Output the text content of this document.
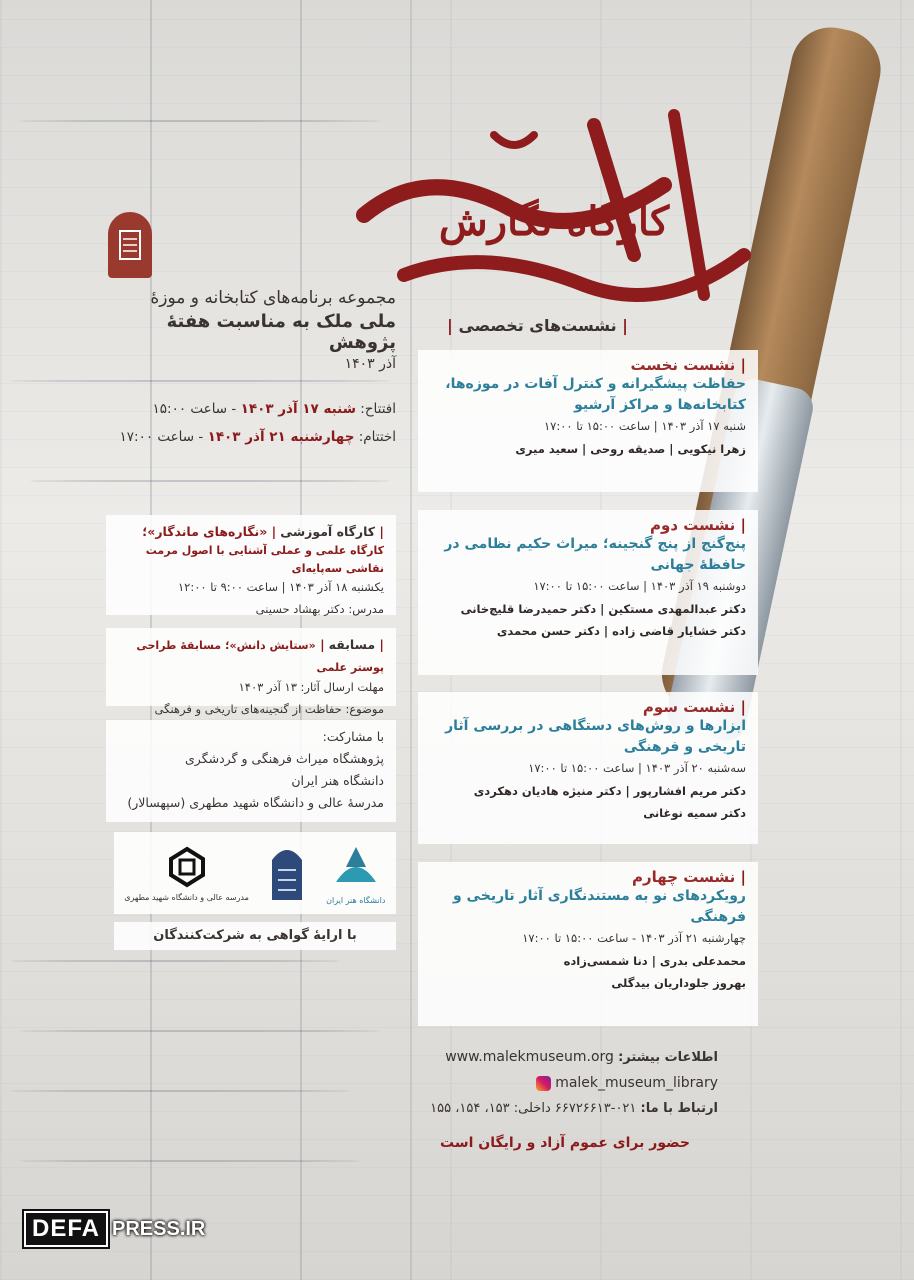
کارگاه نگارش
مجموعه برنامه‌های کتابخانه و موزهٔ
ملی ملک به مناسبت هفتهٔ پژوهش
آذر ۱۴۰۳
افتتاح: شنبه ۱۷ آذر ۱۴۰۳ - ساعت ۱۵:۰۰
اختتام: چهارشنبه ۲۱ آذر ۱۴۰۳ - ساعت ۱۷:۰۰
| کارگاه آموزشی | «نگاره‌های ماندگار»؛
کارگاه علمی و عملی آشنایی با اصول مرمت نقاشی سه‌پایه‌ای
یکشنبه ۱۸ آذر ۱۴۰۳ | ساعت ۹:۰۰ تا ۱۲:۰۰
مدرس: دکتر بهشاد حسینی
| مسابقه | «ستایش دانش»؛ مسابقهٔ طراحی پوستر علمی
مهلت ارسال آثار: ۱۳ آذر ۱۴۰۳
موضوع: حفاظت از گنجینه‌های تاریخی و فرهنگی
با مشارکت:
پژوهشگاه میراث فرهنگی و گردشگری
دانشگاه هنر ایران
مدرسهٔ عالی و دانشگاه شهید مطهری (سپهسالار)
دانشگاه هنر ایران
مدرسه عالی و دانشگاه شهید مطهری
با ارایهٔ گواهی به شرکت‌کنندگان
| نشست‌های تخصصی |
| نشست نخست
حفاظت پیشگیرانه و کنترل آفات در موزه‌ها، کتابخانه‌ها و مراکز آرشیو
شنبه ۱۷ آذر ۱۴۰۳ | ساعت ۱۵:۰۰ تا ۱۷:۰۰
زهرا نیکویی | صدیقه روحی | سعید میری
| نشست دوم
پنج‌گنج از پنج گنجینه؛ میراث حکیم نظامی در حافظهٔ جهانی
دوشنبه ۱۹ آذر ۱۴۰۳ | ساعت ۱۵:۰۰ تا ۱۷:۰۰
دکتر عبدالمهدی مستکین | دکتر حمیدرضا قلیچ‌خانی
دکتر خشایار قاضی زاده | دکتر حسن محمدی
| نشست سوم
ابزارها و روش‌های دستگاهی در بررسی آثار تاریخی و فرهنگی
سه‌شنبه ۲۰ آذر ۱۴۰۳ | ساعت ۱۵:۰۰ تا ۱۷:۰۰
دکتر مریم افشارپور | دکتر منیژه هادیان دهکردی
دکتر سمیه نوغانی
| نشست چهارم
رویکردهای نو به مستندنگاری آثار تاریخی و فرهنگی
چهارشنبه ۲۱ آذر ۱۴۰۳ - ساعت ۱۵:۰۰ تا ۱۷:۰۰
محمدعلی بدری | دنا شمسی‌زاده
بهروز جلوداریان بیدگلی
اطلاعات بیشتر: www.malekmuseum.org
malek_museum_library
ارتباط با ما: ۰۲۱-۶۶۷۲۶۶۱۳ داخلی: ۱۵۳، ۱۵۴، ۱۵۵
حضور برای عموم آزاد و رایگان است
DEFA PRESS.IR
